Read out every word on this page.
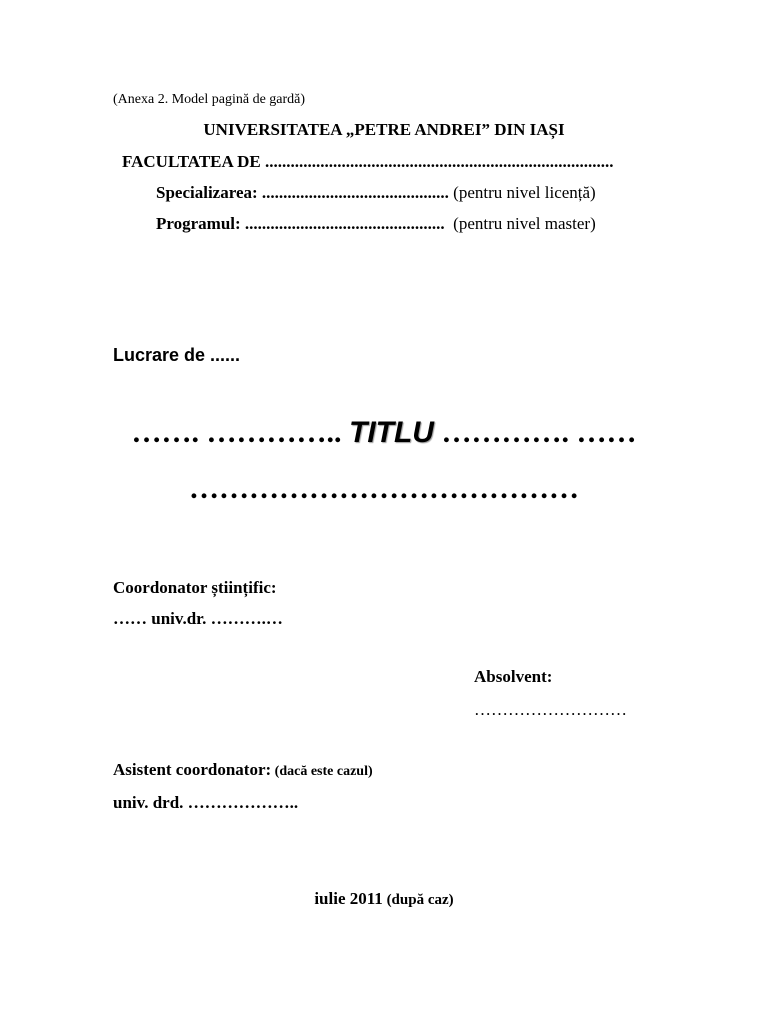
(Anexa 2. Model pagină de gardă)
UNIVERSITATEA „PETRE ANDREI” DIN IAȘI
FACULTATEA DE ..................................................................................
Specializarea: ............................................ (pentru nivel licență)
Programul: ...............................................  (pentru nivel master)
Lucrare de ......
……. ………….. TITLU …………. ……
…………………………………
Coordonator științific:
…… univ.dr. ……….…
Absolvent:
………………………
Asistent coordonator: (dacă este cazul)
univ. drd. ………………..
iulie 2011 (după caz)
